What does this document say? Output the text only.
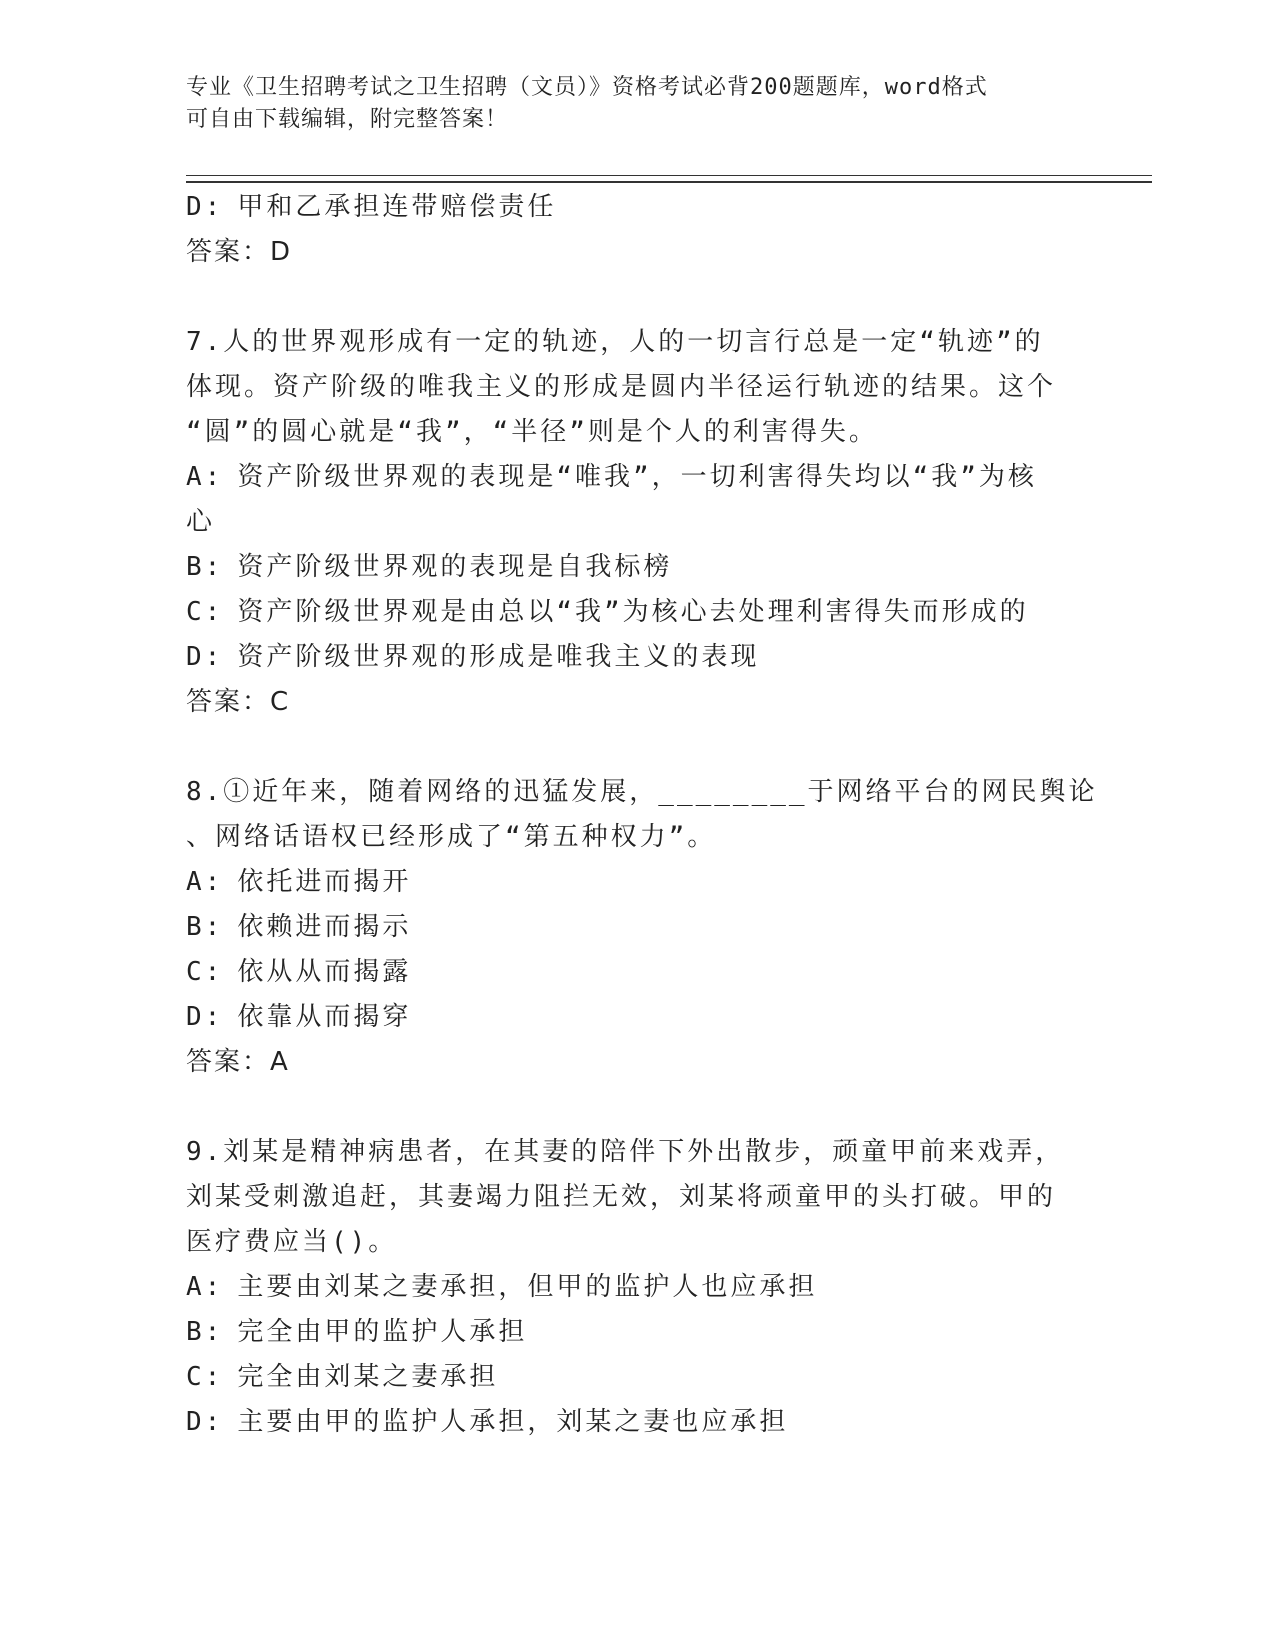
专业《卫生招聘考试之卫生招聘（文员）》资格考试必背200题题库，word格式
可自由下载编辑，附完整答案！
D: 甲和乙承担连带赔偿责任
答案：D
7.人的世界观形成有一定的轨迹，人的一切言行总是一定“轨迹”的
体现。资产阶级的唯我主义的形成是圆内半径运行轨迹的结果。这个
“圆”的圆心就是“我”，“半径”则是个人的利害得失。
A: 资产阶级世界观的表现是“唯我”，一切利害得失均以“我”为核
心
B: 资产阶级世界观的表现是自我标榜
C: 资产阶级世界观是由总以“我”为核心去处理利害得失而形成的
D: 资产阶级世界观的形成是唯我主义的表现
答案：C
8.①近年来，随着网络的迅猛发展，________于网络平台的网民舆论
、网络话语权已经形成了“第五种权力”。
A: 依托进而揭开
B: 依赖进而揭示
C: 依从从而揭露
D: 依靠从而揭穿
答案：A
9.刘某是精神病患者，在其妻的陪伴下外出散步，顽童甲前来戏弄，
刘某受刺激追赶，其妻竭力阻拦无效，刘某将顽童甲的头打破。甲的
医疗费应当()。
A: 主要由刘某之妻承担，但甲的监护人也应承担
B: 完全由甲的监护人承担
C: 完全由刘某之妻承担
D: 主要由甲的监护人承担，刘某之妻也应承担
